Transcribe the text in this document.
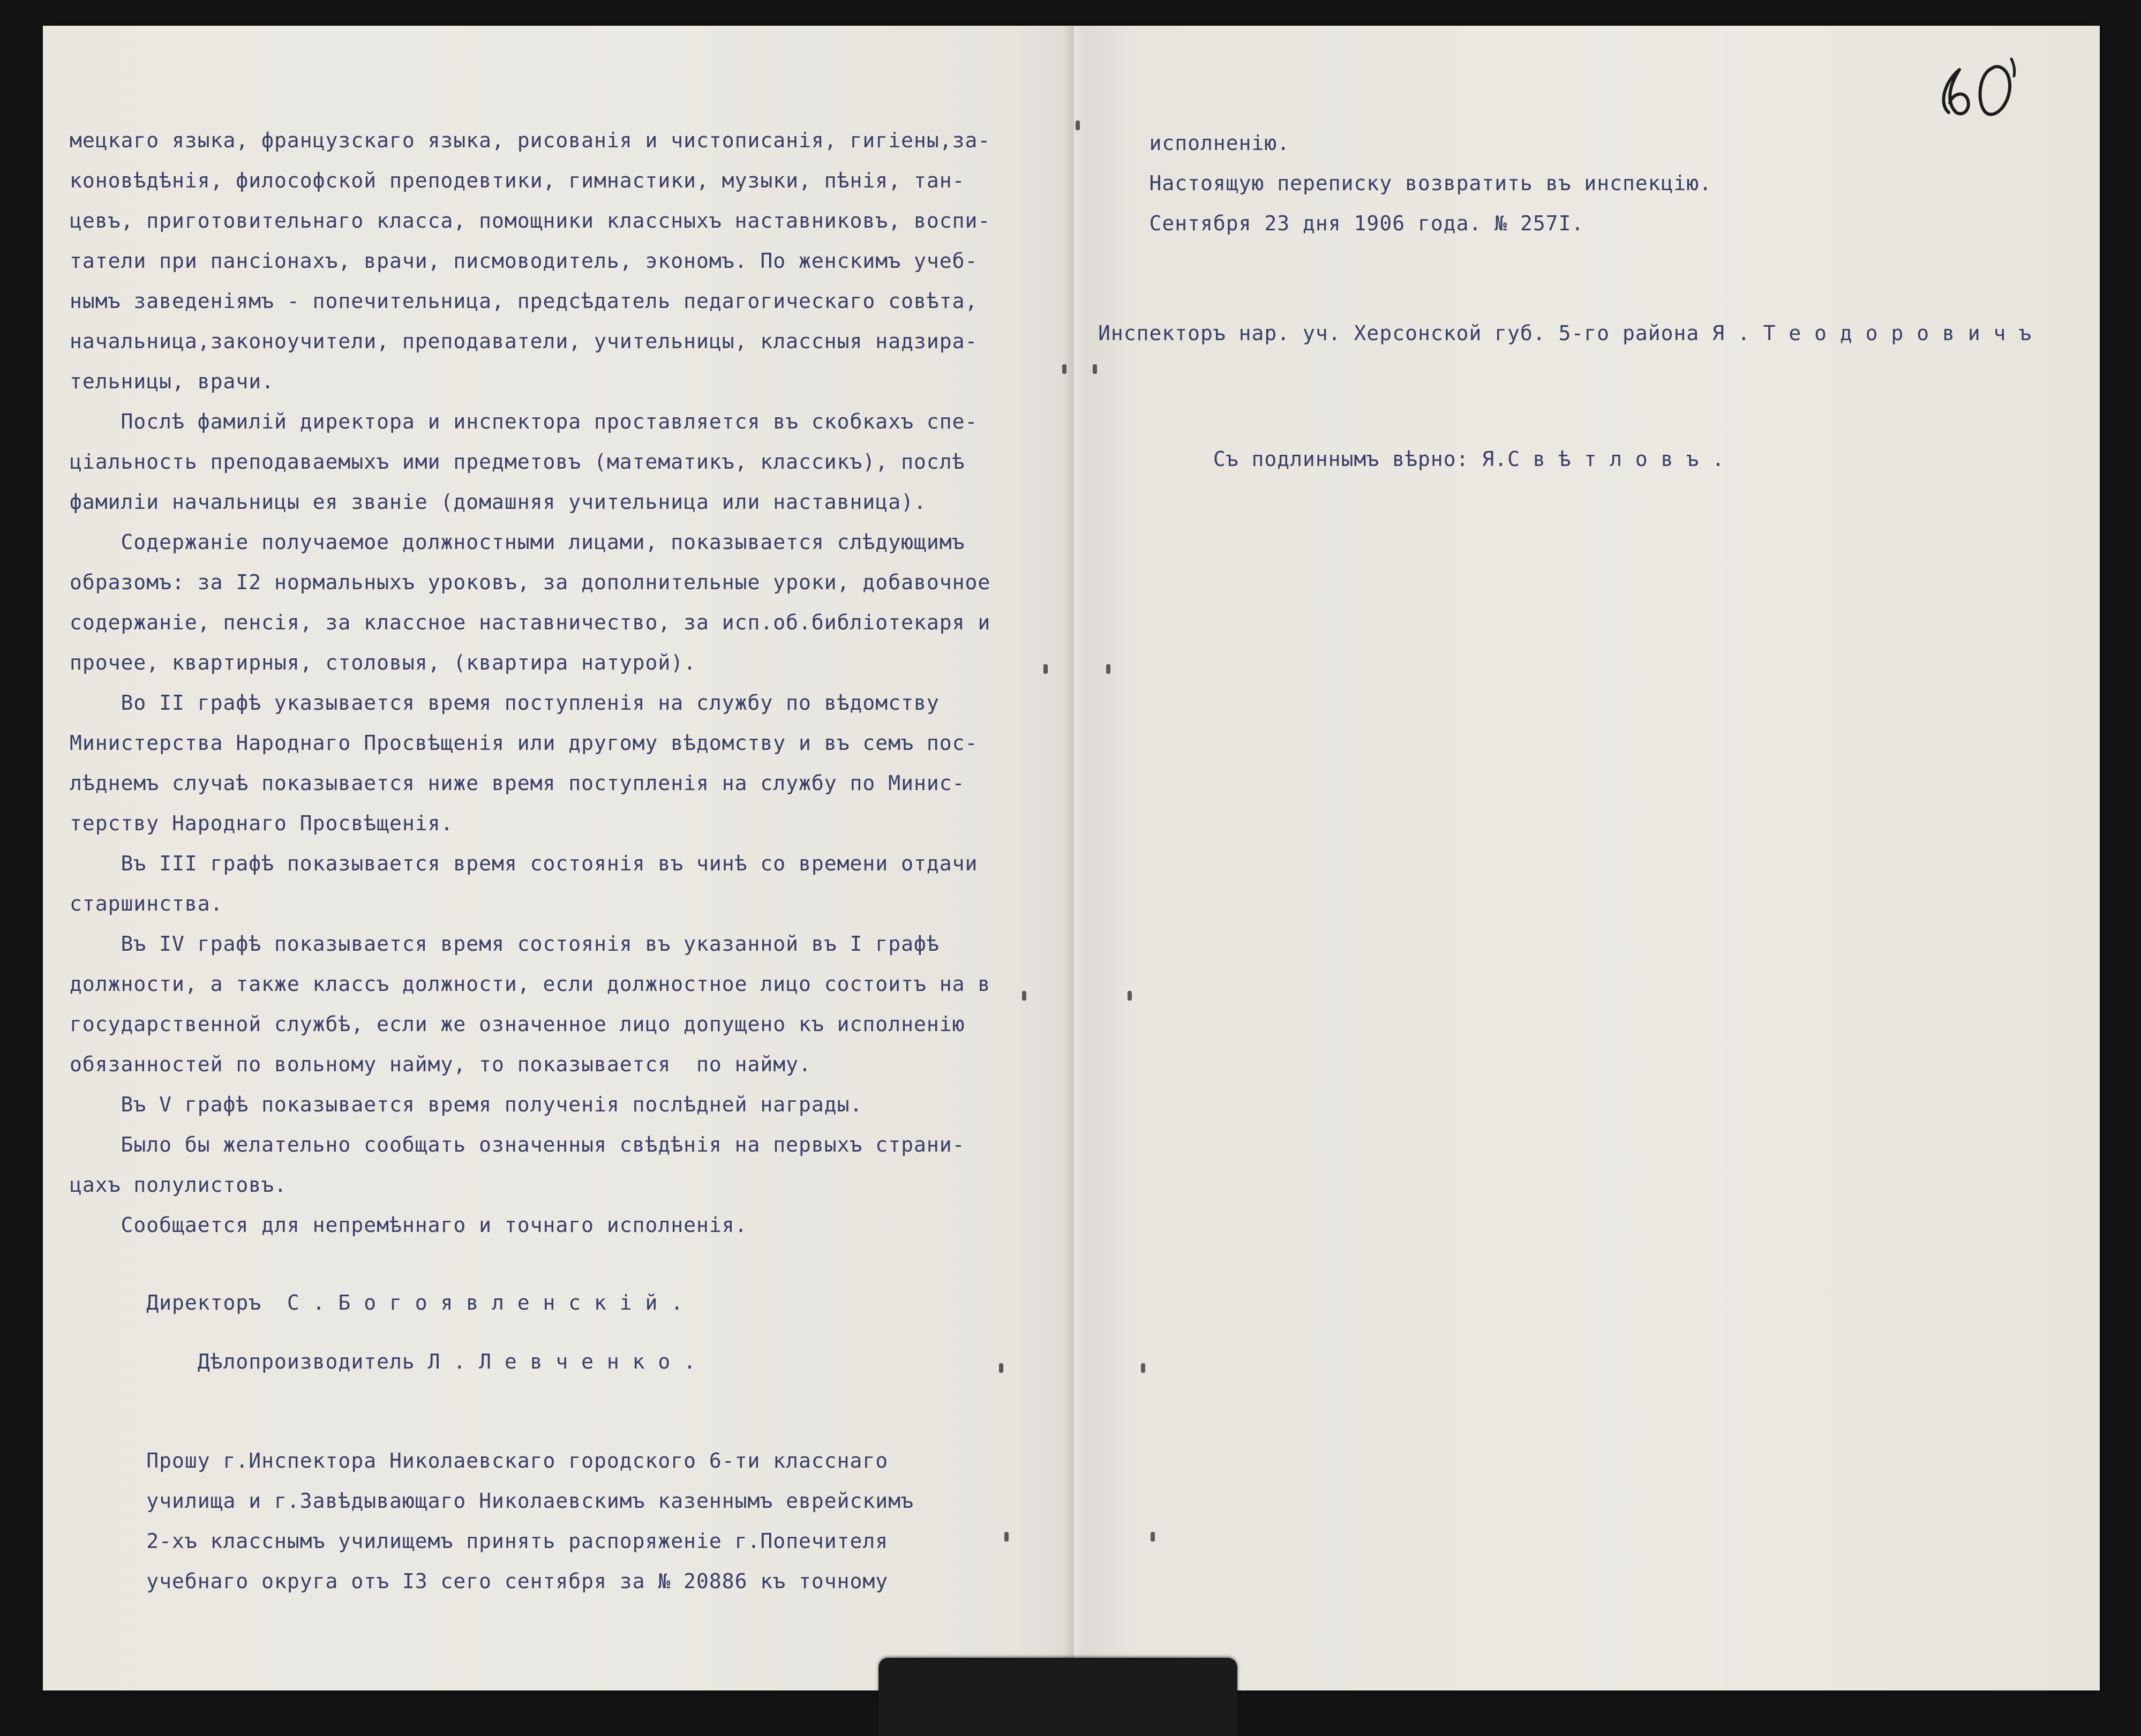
мецкаго языка, французскаго языка, рисованія и чистописанія, гигіены,за-

коновѣдѣнія, философской преподевтики, гимнастики, музыки, пѣнія, тан-

цевъ, приготовительнаго класса, помощники классныхъ наставниковъ, воспи-

татели при пансіонахъ, врачи, писмоводитель, экономъ. По женскимъ учеб-

нымъ заведеніямъ - попечительница, предсѣдатель педагогическаго совѣта,

начальница,законоучители, преподаватели, учительницы, классныя надзира-

тельницы, врачи.

Послѣ фамилій директора и инспектора проставляется въ скобкахъ спе-

ціальность преподаваемыхъ ими предметовъ (математикъ, классикъ), послѣ

фамиліи начальницы ея званіе (домашняя учительница или наставница).

Содержаніе получаемое должностными лицами, показывается слѣдующимъ

образомъ: за I2 нормальныхъ уроковъ, за дополнительные уроки, добавочное

содержаніе, пенсія, за классное наставничество, за исп.об.библіотекаря и

прочее, квартирныя, столовыя, (квартира натурой).

Во II графѣ указывается время поступленія на службу по вѣдомству

Министерства Народнаго Просвѣщенія или другому вѣдомству и въ семъ пос-

лѣднемъ случаѣ показывается ниже время поступленія на службу по Минис-

терству Народнаго Просвѣщенія.

Въ III графѣ показывается время состоянія въ чинѣ со времени отдачи

старшинства.

Въ IV графѣ показывается время состоянія въ указанной въ I графѣ

должности, а также классъ должности, если должностное лицо состоитъ на в

государственной службѣ, если же означенное лицо допущено къ исполненію

обязанностей по вольному найму, то показывается  по найму.

Въ V графѣ показывается время полученія послѣдней награды.

Было бы желательно сообщать означенныя свѣдѣнія на первыхъ страни-

цахъ полулистовъ.

Сообщается для непремѣннаго и точнаго исполненія.

Директоръ  С . Б о г о я в л е н с к і й .

Дѣлопроизводитель Л . Л е в ч е н к о .

Прошу г.Инспектора Николаевскаго городского 6-ти класснаго

училища и г.Завѣдывающаго Николаевскимъ казеннымъ еврейскимъ

2-хъ класснымъ училищемъ принять распоряженіе г.Попечителя

учебнаго округа отъ I3 сего сентября за № 20886 къ точному

исполненію.

Настоящую переписку возвратить въ инспекцію.

Сентября 23 дня 1906 года. № 257I.

Инспекторъ нар. уч. Херсонской губ. 5-го района Я . Т е о д о р о в и ч ъ

Съ подлиннымъ вѣрно: Я.С в ѣ т л о в ъ .
